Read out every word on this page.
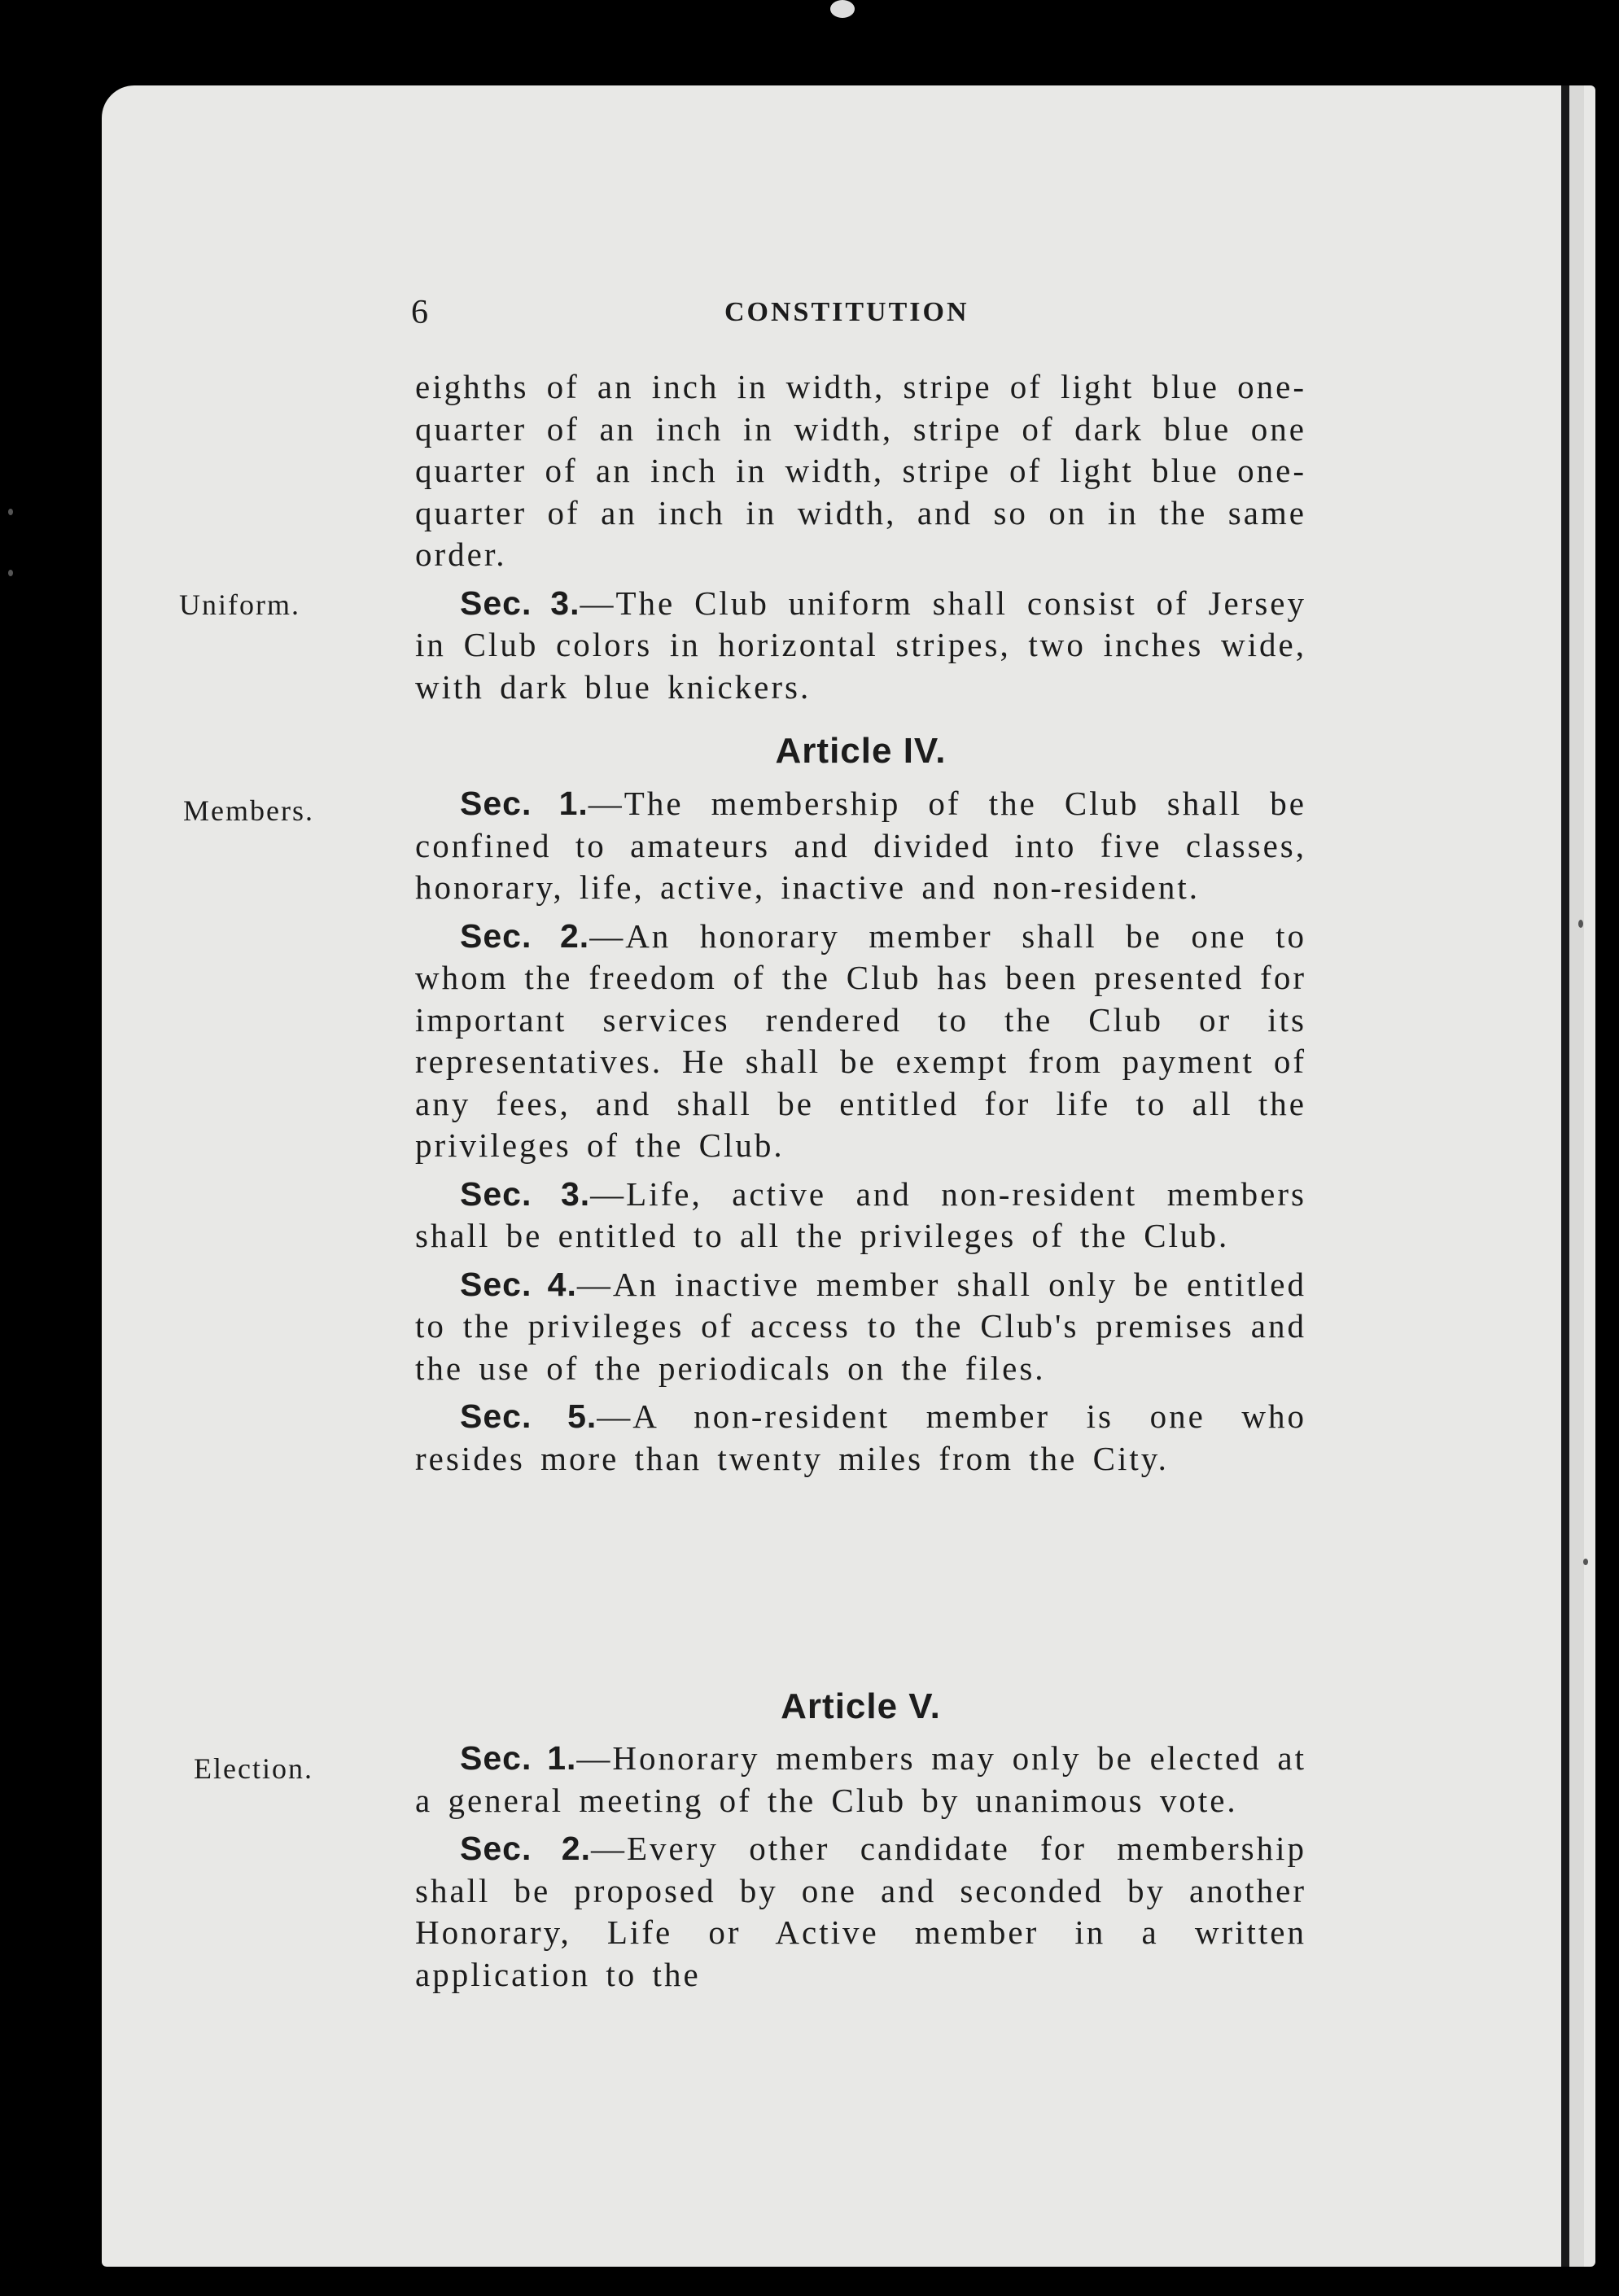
6	CONSTITUTION
Uniform.
Members.
Election.

eighths of an inch in width, stripe of light blue one-quarter of an inch in width, stripe of dark blue one quarter of an inch in width, stripe of light blue one-quarter of an inch in width, and so on in the same order.

Sec. 3.—The Club uniform shall consist of Jersey in Club colors in horizontal stripes, two inches wide, with dark blue knickers.

Article IV.

Sec. 1.—The membership of the Club shall be confined to amateurs and divided into five classes, honorary, life, active, inactive and non-resident.

Sec. 2.—An honorary member shall be one to whom the freedom of the Club has been presented for important services rendered to the Club or its representatives. He shall be exempt from payment of any fees, and shall be entitled for life to all the privileges of the Club.

Sec. 3.—Life, active and non-resident members shall be entitled to all the privileges of the Club.

Sec. 4.—An inactive member shall only be entitled to the privileges of access to the Club's premises and the use of the periodicals on the files.

Sec. 5.—A non-resident member is one who resides more than twenty miles from the City.

Article V.

Sec. 1.—Honorary members may only be elected at a general meeting of the Club by unanimous vote.

Sec. 2.—Every other candidate for membership shall be proposed by one and seconded by another Honorary, Life or Active member in a written application to the
